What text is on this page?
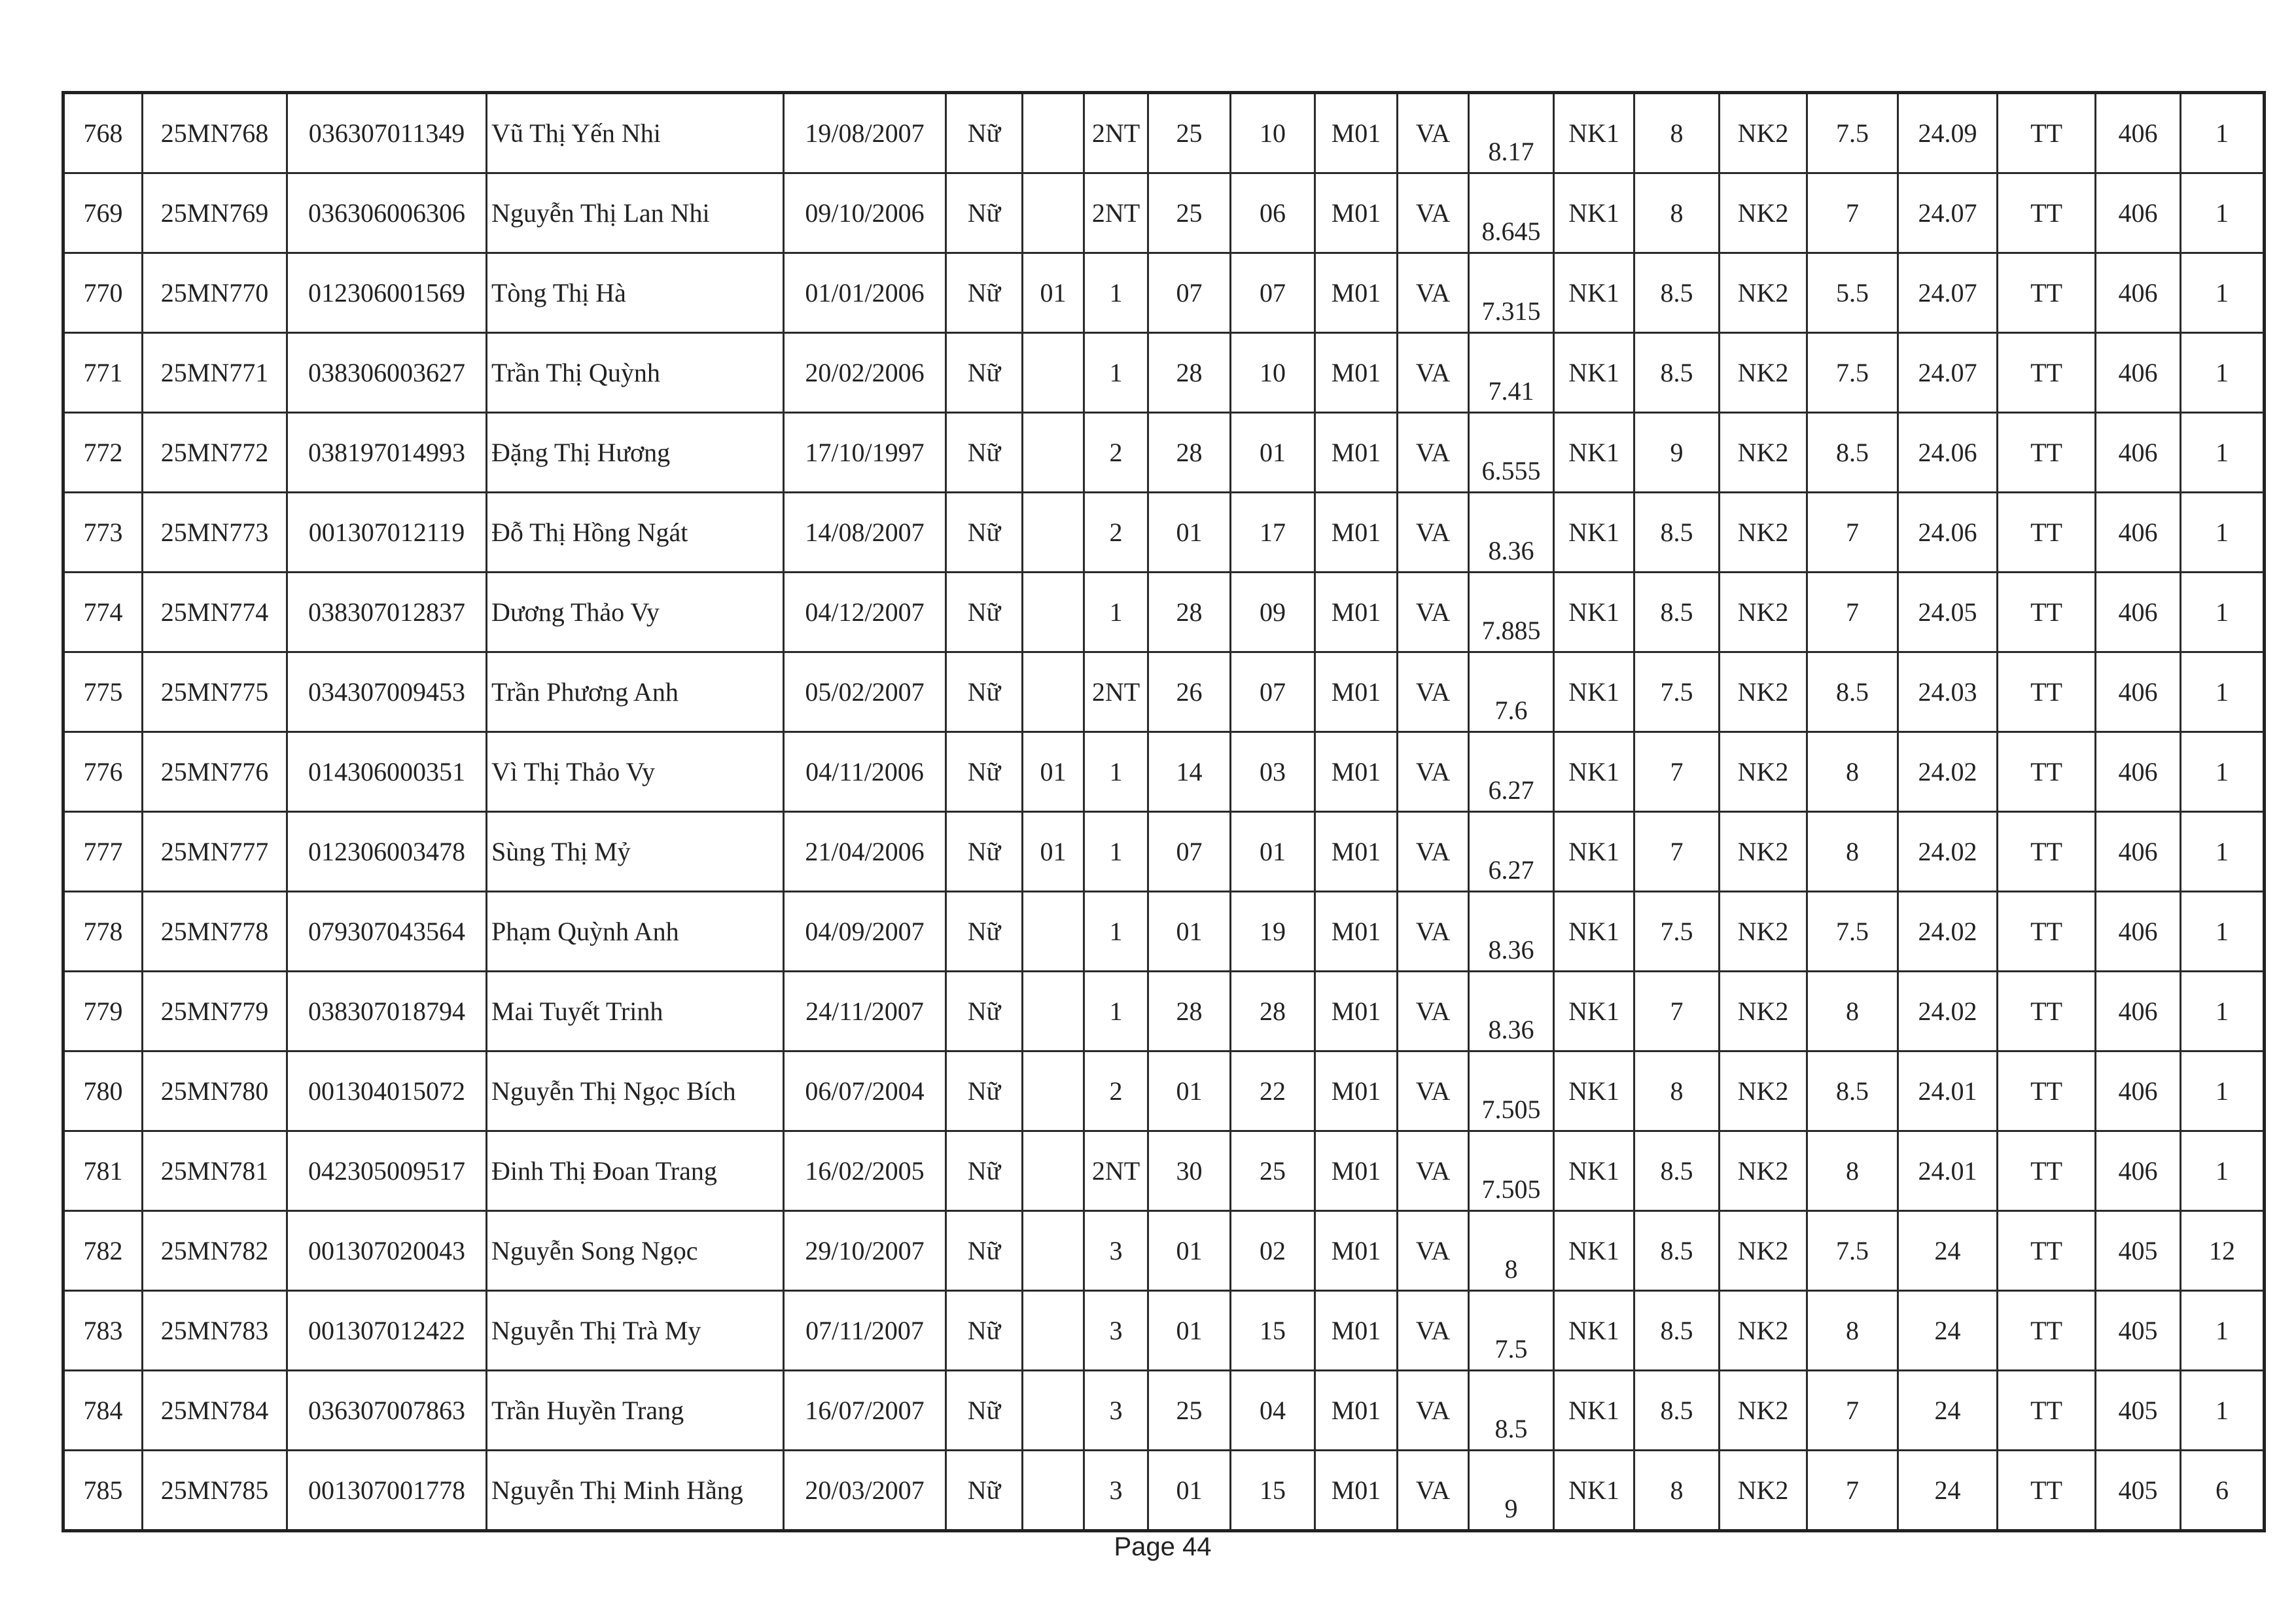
768	25MN768	036307011349	Vũ Thị Yến Nhi	19/08/2007	Nữ		2NT	25	10	M01	VA	8.17	NK1	8	NK2	7.5	24.09	TT	406	1
769	25MN769	036306006306	Nguyễn Thị Lan Nhi	09/10/2006	Nữ		2NT	25	06	M01	VA	8.645	NK1	8	NK2	7	24.07	TT	406	1
770	25MN770	012306001569	Tòng Thị Hà	01/01/2006	Nữ	01	1	07	07	M01	VA	7.315	NK1	8.5	NK2	5.5	24.07	TT	406	1
771	25MN771	038306003627	Trần Thị Quỳnh	20/02/2006	Nữ		1	28	10	M01	VA	7.41	NK1	8.5	NK2	7.5	24.07	TT	406	1
772	25MN772	038197014993	Đặng Thị Hương	17/10/1997	Nữ		2	28	01	M01	VA	6.555	NK1	9	NK2	8.5	24.06	TT	406	1
773	25MN773	001307012119	Đỗ Thị Hồng Ngát	14/08/2007	Nữ		2	01	17	M01	VA	8.36	NK1	8.5	NK2	7	24.06	TT	406	1
774	25MN774	038307012837	Dương Thảo Vy	04/12/2007	Nữ		1	28	09	M01	VA	7.885	NK1	8.5	NK2	7	24.05	TT	406	1
775	25MN775	034307009453	Trần Phương Anh	05/02/2007	Nữ		2NT	26	07	M01	VA	7.6	NK1	7.5	NK2	8.5	24.03	TT	406	1
776	25MN776	014306000351	Vì Thị Thảo Vy	04/11/2006	Nữ	01	1	14	03	M01	VA	6.27	NK1	7	NK2	8	24.02	TT	406	1
777	25MN777	012306003478	Sùng Thị Mỷ	21/04/2006	Nữ	01	1	07	01	M01	VA	6.27	NK1	7	NK2	8	24.02	TT	406	1
778	25MN778	079307043564	Phạm Quỳnh Anh	04/09/2007	Nữ		1	01	19	M01	VA	8.36	NK1	7.5	NK2	7.5	24.02	TT	406	1
779	25MN779	038307018794	Mai Tuyết Trinh	24/11/2007	Nữ		1	28	28	M01	VA	8.36	NK1	7	NK2	8	24.02	TT	406	1
780	25MN780	001304015072	Nguyễn Thị Ngọc Bích	06/07/2004	Nữ		2	01	22	M01	VA	7.505	NK1	8	NK2	8.5	24.01	TT	406	1
781	25MN781	042305009517	Đinh Thị Đoan Trang	16/02/2005	Nữ		2NT	30	25	M01	VA	7.505	NK1	8.5	NK2	8	24.01	TT	406	1
782	25MN782	001307020043	Nguyễn Song Ngọc	29/10/2007	Nữ		3	01	02	M01	VA	8	NK1	8.5	NK2	7.5	24	TT	405	12
783	25MN783	001307012422	Nguyễn Thị Trà My	07/11/2007	Nữ		3	01	15	M01	VA	7.5	NK1	8.5	NK2	8	24	TT	405	1
784	25MN784	036307007863	Trần Huyền Trang	16/07/2007	Nữ		3	25	04	M01	VA	8.5	NK1	8.5	NK2	7	24	TT	405	1
785	25MN785	001307001778	Nguyễn Thị Minh Hằng	20/03/2007	Nữ		3	01	15	M01	VA	9	NK1	8	NK2	7	24	TT	405	6
Page 44
